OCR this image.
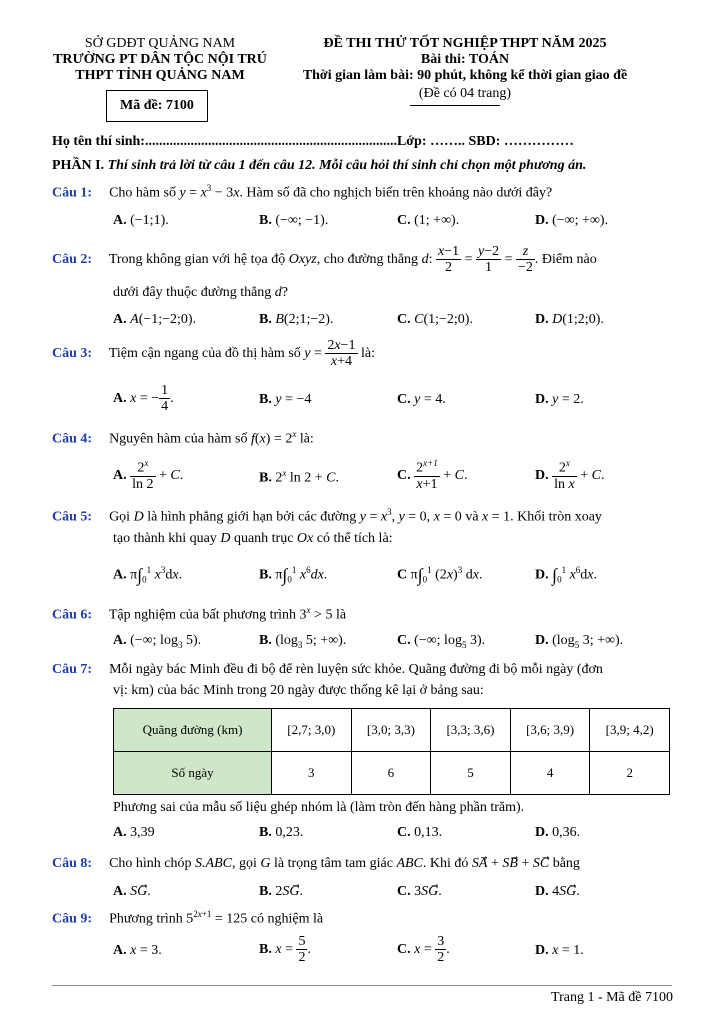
SỞ GDĐT QUẢNG NAM
TRƯỜNG PT DÂN TỘC NỘI TRÚ
THPT TỈNH QUẢNG NAM
Mã đề: 7100
ĐỀ THI THỬ TỐT NGHIỆP THPT NĂM 2025
Bài thi: TOÁN
Thời gian làm bài: 90 phút, không kể thời gian giao đề
(Đề có 04 trang)
Họ tên thí sinh:........................................................................Lớp: …….. SBD: ……………
PHẦN I. Thí sinh trả lời từ câu 1 đến câu 12. Mỗi câu hỏi thí sinh chỉ chọn một phương án.
Câu 1: Cho hàm số $y = x^3 - 3x$. Hàm số đã cho nghịch biến trên khoảng nào dưới đây?
A. (−1;1).	B. (−∞; −1).	C. (1; +∞).	D. (−∞; +∞).
Câu 2: Trong không gian với hệ tọa độ Oxyz, cho đường thẳng d: $\frac{x-1}{2} = \frac{y-2}{1} = \frac{z}{-2}$ . Điểm nào
dưới đây thuộc đường thẳng d?
A. A(−1;−2;0).	B. B(2;1;−2).	C. C(1;−2;0).	D. D(1;2;0).
Câu 3: Tiệm cận ngang của đồ thị hàm số $y = \frac{2x-1}{x+4}$ là:
A. x = − $\frac{1}{4}$ .	B. y = −4	C. y = 4.	D. y = 2.
Câu 4: Nguyên hàm của hàm số $f(x) = 2^x$ là:
A. $\frac{2^x}{\ln 2} + C$.	B. 2$^x$ ln 2 + C.	C. $\frac{2^{x+1}}{x+1} + C$.	D. $\frac{2^x}{\text{ln x}} + C$.
Câu 5: Gọi D là hình phẳng giới hạn bởi các đường $y = x^3$, y = 0, x = 0 và x = 1. Khối tròn xoay
tạo thành khi quay D quanh trục Ox có thể tích là:
A. $\pi\int_0^1$ $x^3dx$.	B. $\pi\int_0^1$ $x^6dx$.	C $\pi\int_0^1$ $(2x)^3$ dx.	D. $\int_0^1$ $x^6dx$.
Câu 6: Tập nghiệm của bất phương trình $3^x > 5$ là
A. (−∞; $\log_3 5$).	B. ($\log_3$ 5; +∞).	C. (−∞; $\log_5 3$).	D. ($\log_5$ 3; +∞).
Câu 7: Mỗi ngày bác Minh đều đi bộ để rèn luyện sức khỏe. Quãng đường đi bộ mỗi ngày (đơn
vị: km) của bác Minh trong 20 ngày được thống kê lại ở bảng sau:
Quãng đường (km)	[2,7; 3,0)	[3,0; 3,3)	[3,3; 3,6)	[3,6; 3,9)	[3,9; 4,2)
Số ngày	3	6	5	4	2
Phương sai của mẫu số liệu ghép nhóm là (làm tròn đến hàng phần trăm).
A. 3,39	B. 0,23.	C. 0,13.	D. 0,36.
Câu 8: Cho hình chóp S.ABC, gọi G là trọng tâm tam giác ABC. Khi đó SA⃗ + SB⃗ + SC⃗ bằng
A. SG⃗.	B. 2SG⃗.	C. 3SG⃗.	D. 4SG⃗.
Câu 9: Phương trình $5^{2x+1} = 125$ có nghiệm là
A. x = 3.	B. $x = \frac{5}{2}$ .	C. $x = \frac{3}{2}$ .	D. x = 1.
Trang 1 - Mã đề 7100
